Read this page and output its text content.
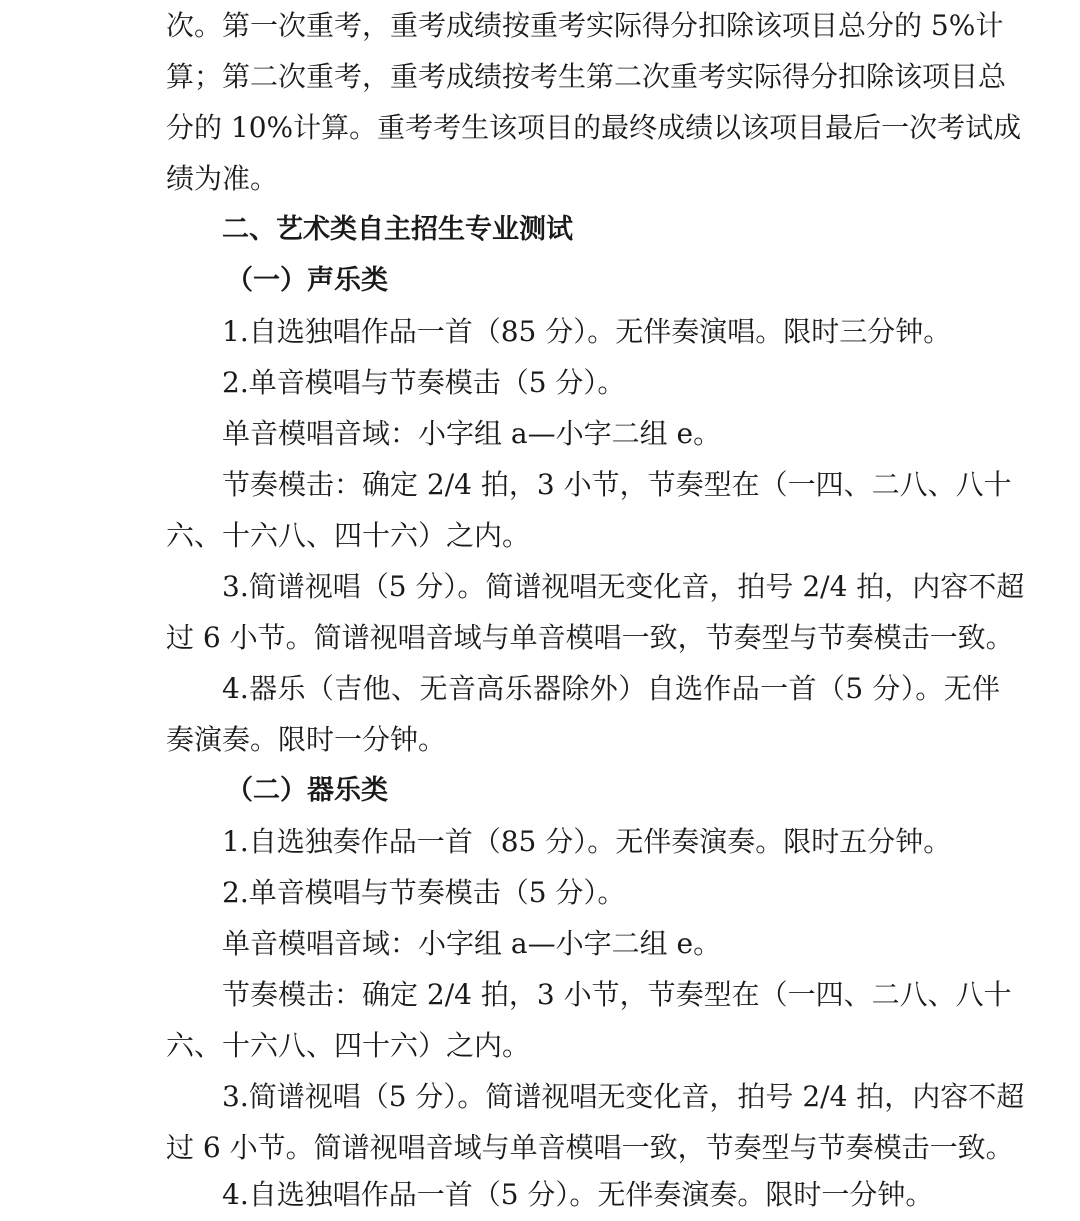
次。第一次重考，重考成绩按重考实际得分扣除该项目总分的 5%计
算；第二次重考，重考成绩按考生第二次重考实际得分扣除该项目总
分的 10%计算。重考考生该项目的最终成绩以该项目最后一次考试成
绩为准。
二、艺术类自主招生专业测试
（一）声乐类
1.自选独唱作品一首（85 分）。无伴奏演唱。限时三分钟。
2.单音模唱与节奏模击（5 分）。
单音模唱音域：小字组 a—小字二组 e。
节奏模击：确定 2/4 拍，3 小节，节奏型在（一四、二八、八十
六、十六八、四十六）之内。
3.简谱视唱（5 分）。简谱视唱无变化音，拍号 2/4 拍，内容不超
过 6 小节。简谱视唱音域与单音模唱一致，节奏型与节奏模击一致。
4.器乐（吉他、无音高乐器除外）自选作品一首（5 分）。无伴
奏演奏。限时一分钟。
（二）器乐类
1.自选独奏作品一首（85 分）。无伴奏演奏。限时五分钟。
2.单音模唱与节奏模击（5 分）。
单音模唱音域：小字组 a—小字二组 e。
节奏模击：确定 2/4 拍，3 小节，节奏型在（一四、二八、八十
六、十六八、四十六）之内。
3.简谱视唱（5 分）。简谱视唱无变化音，拍号 2/4 拍，内容不超
过 6 小节。简谱视唱音域与单音模唱一致，节奏型与节奏模击一致。
4.自选独唱作品一首（5 分）。无伴奏演奏。限时一分钟。
